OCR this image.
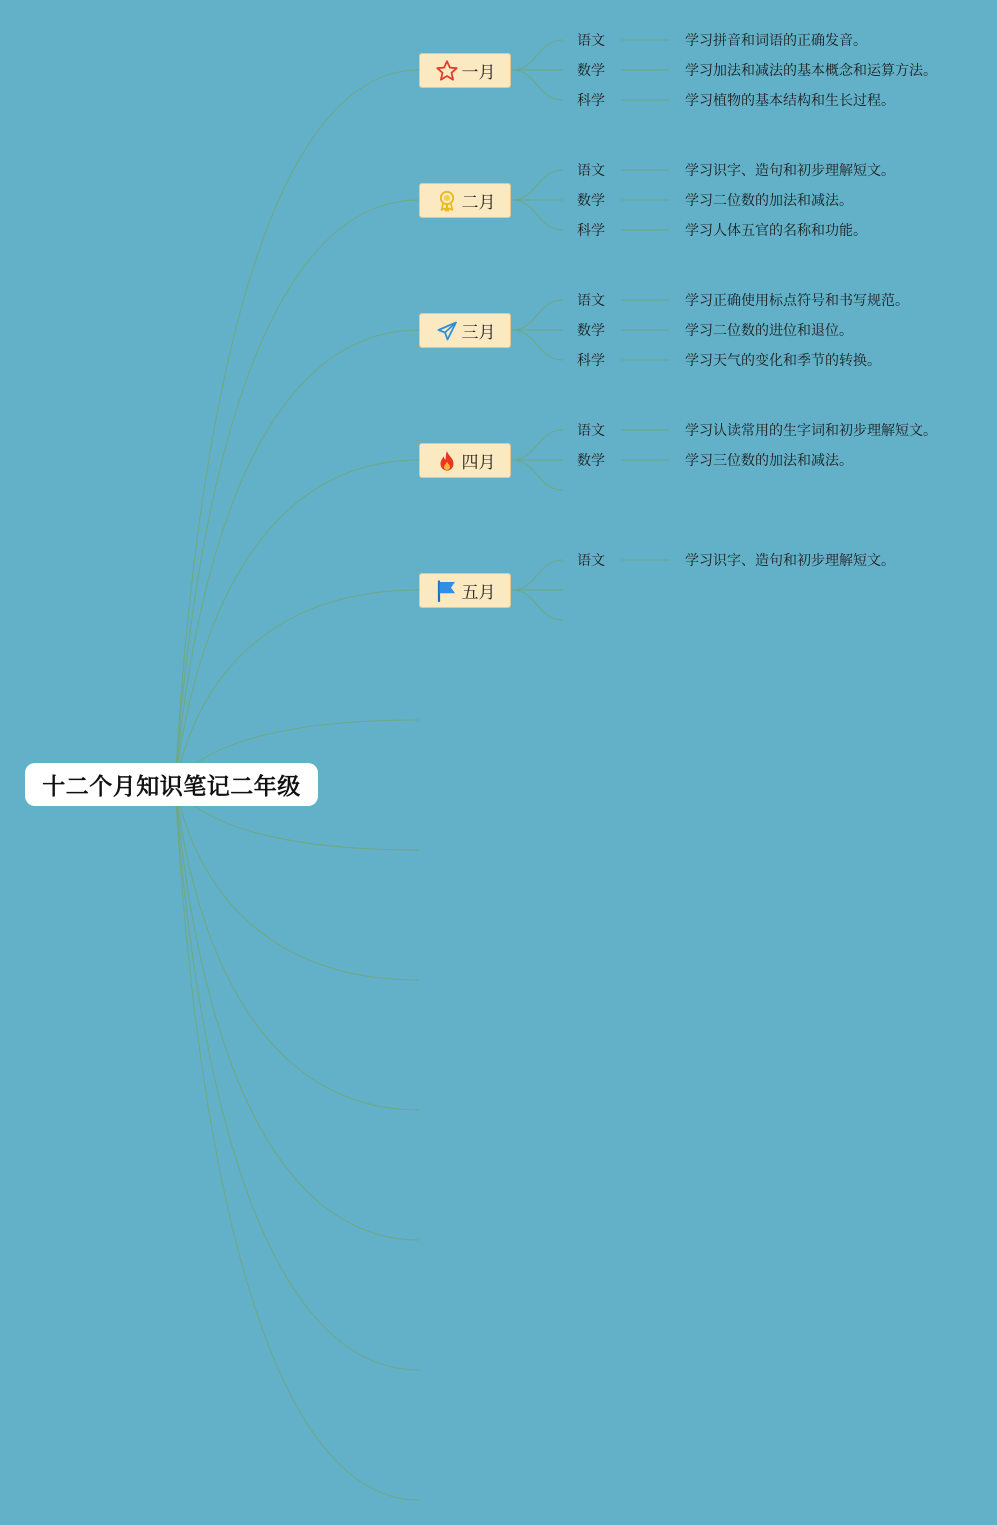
十二个月知识笔记二年级
一月
语文	学习拼音和词语的正确发音。
数学	学习加法和减法的基本概念和运算方法。
科学	学习植物的基本结构和生长过程。
二月
语文	学习识字、造句和初步理解短文。
数学	学习二位数的加法和减法。
科学	学习人体五官的名称和功能。
三月
语文	学习正确使用标点符号和书写规范。
数学	学习二位数的进位和退位。
科学	学习天气的变化和季节的转换。
四月
语文	学习认读常用的生字词和初步理解短文。
数学	学习三位数的加法和减法。
五月
语文	学习识字、造句和初步理解短文。
